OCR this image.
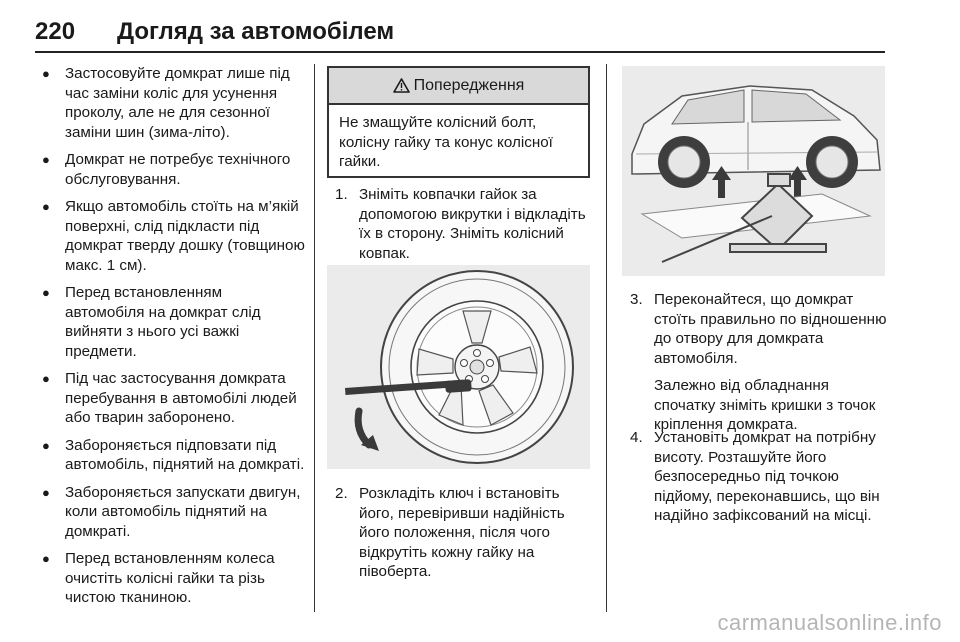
220 Догляд за автомобілем
● Застосовуйте домкрат лише під час заміни коліс для усунення проколу, але не для сезонної заміни шин (зима-літо).
● Домкрат не потребує технічного обслуговування.
● Якщо автомобіль стоїть на м’якій поверхні, слід підкласти під домкрат тверду дошку (товщиною макс. 1 см).
● Перед встановленням автомобіля на домкрат слід вийняти з нього усі важкі предмети.
● Під час застосування домкрата перебування в автомобілі людей або тварин заборонено.
● Забороняється підповзати під автомобіль, піднятий на домкраті.
● Забороняється запускати двигун, коли автомобіль піднятий на домкраті.
● Перед встановленням колеса очистіть колісні гайки та різь чистою тканиною.
Попередження
Не змащуйте колісний болт, колісну гайку та конус колісної гайки.
1. Зніміть ковпачки гайок за допомогою викрутки і відкладіть їх в сторону. Зніміть колісний ковпак.
2. Розкладіть ключ і встановіть його, перевіривши надійність його положення, після чого відкрутіть кожну гайку на півоберта.
3. Переконайтеся, що домкрат стоїть правильно по відношенню до отвору для домкрата автомобіля.
Залежно від обладнання спочатку зніміть кришки з точок кріплення домкрата.
4. Установіть домкрат на потрібну висоту. Розташуйте його безпосередньо під точкою підйому, переконавшись, що він надійно зафіксований на місці.
carmanualsonline.info
